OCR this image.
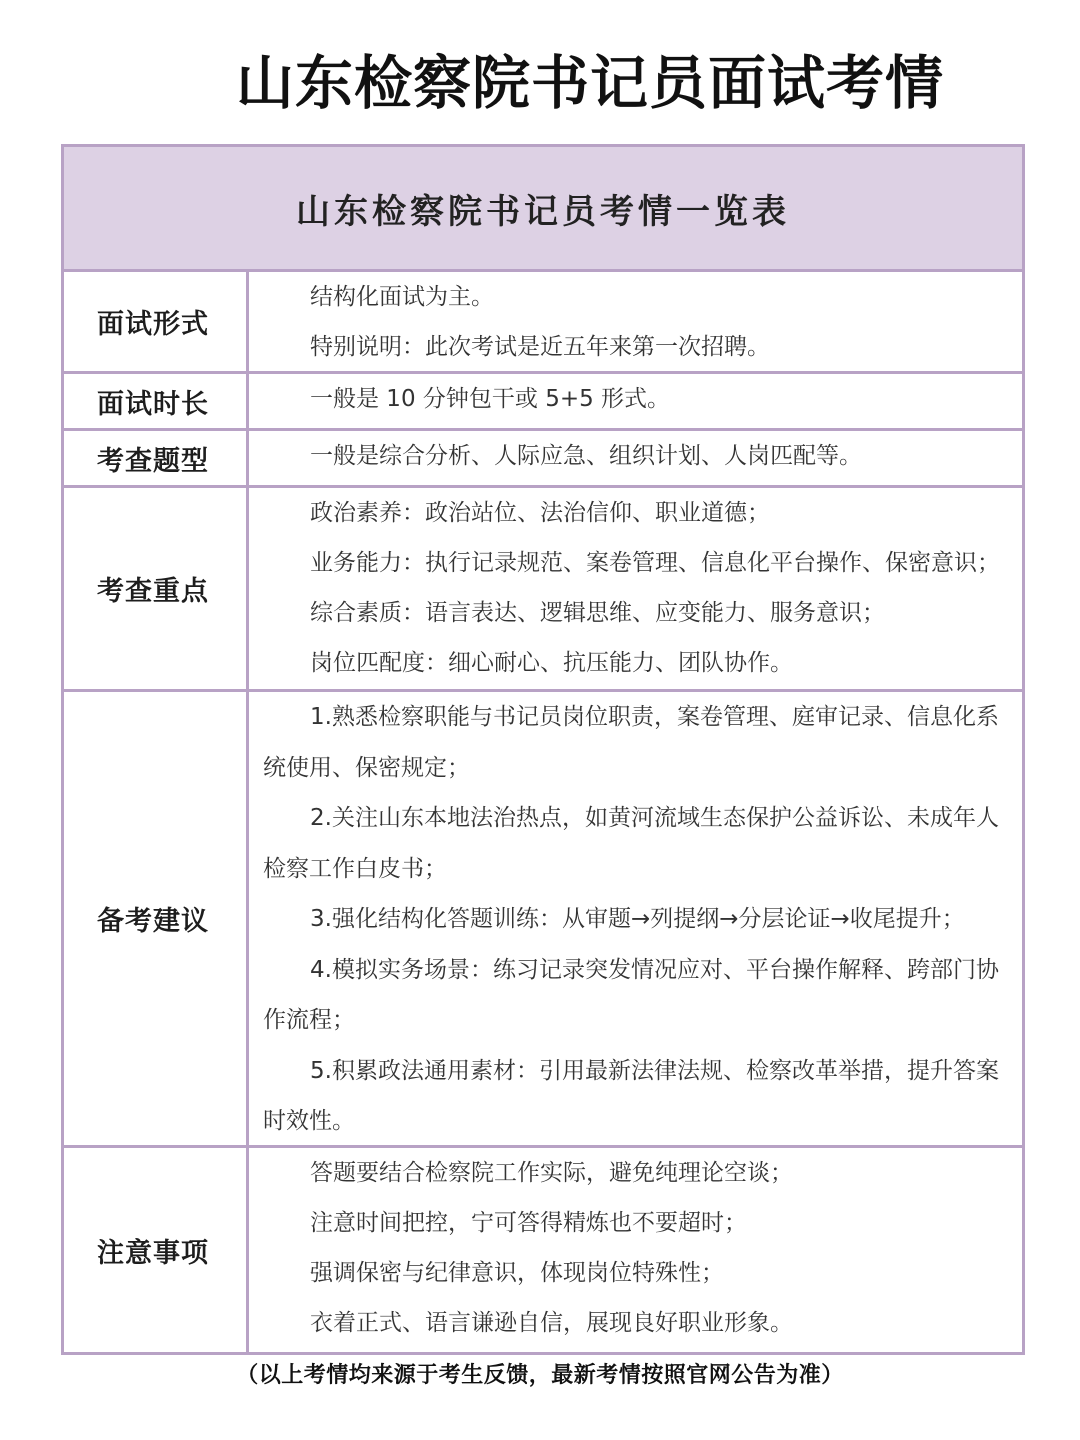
山东检察院书记员面试考情
山东检察院书记员考情一览表
面试形式
结构化面试为主。
特别说明：此次考试是近五年来第一次招聘。
面试时长	一般是 10 分钟包干或 5+5 形式。
考查题型	一般是综合分析、人际应急、组织计划、人岗匹配等。
考查重点
政治素养：政治站位、法治信仰、职业道德；
业务能力：执行记录规范、案卷管理、信息化平台操作、保密意识；
综合素质：语言表达、逻辑思维、应变能力、服务意识；
岗位匹配度：细心耐心、抗压能力、团队协作。
备考建议
1.熟悉检察职能与书记员岗位职责，案卷管理、庭审记录、信息化系统使用、保密规定；
2.关注山东本地法治热点，如黄河流域生态保护公益诉讼、未成年人检察工作白皮书；
3.强化结构化答题训练：从审题→列提纲→分层论证→收尾提升；
4.模拟实务场景：练习记录突发情况应对、平台操作解释、跨部门协作流程；
5.积累政法通用素材：引用最新法律法规、检察改革举措，提升答案时效性。
注意事项
答题要结合检察院工作实际，避免纯理论空谈；
注意时间把控，宁可答得精炼也不要超时；
强调保密与纪律意识，体现岗位特殊性；
衣着正式、语言谦逊自信，展现良好职业形象。
（以上考情均来源于考生反馈，最新考情按照官网公告为准）
